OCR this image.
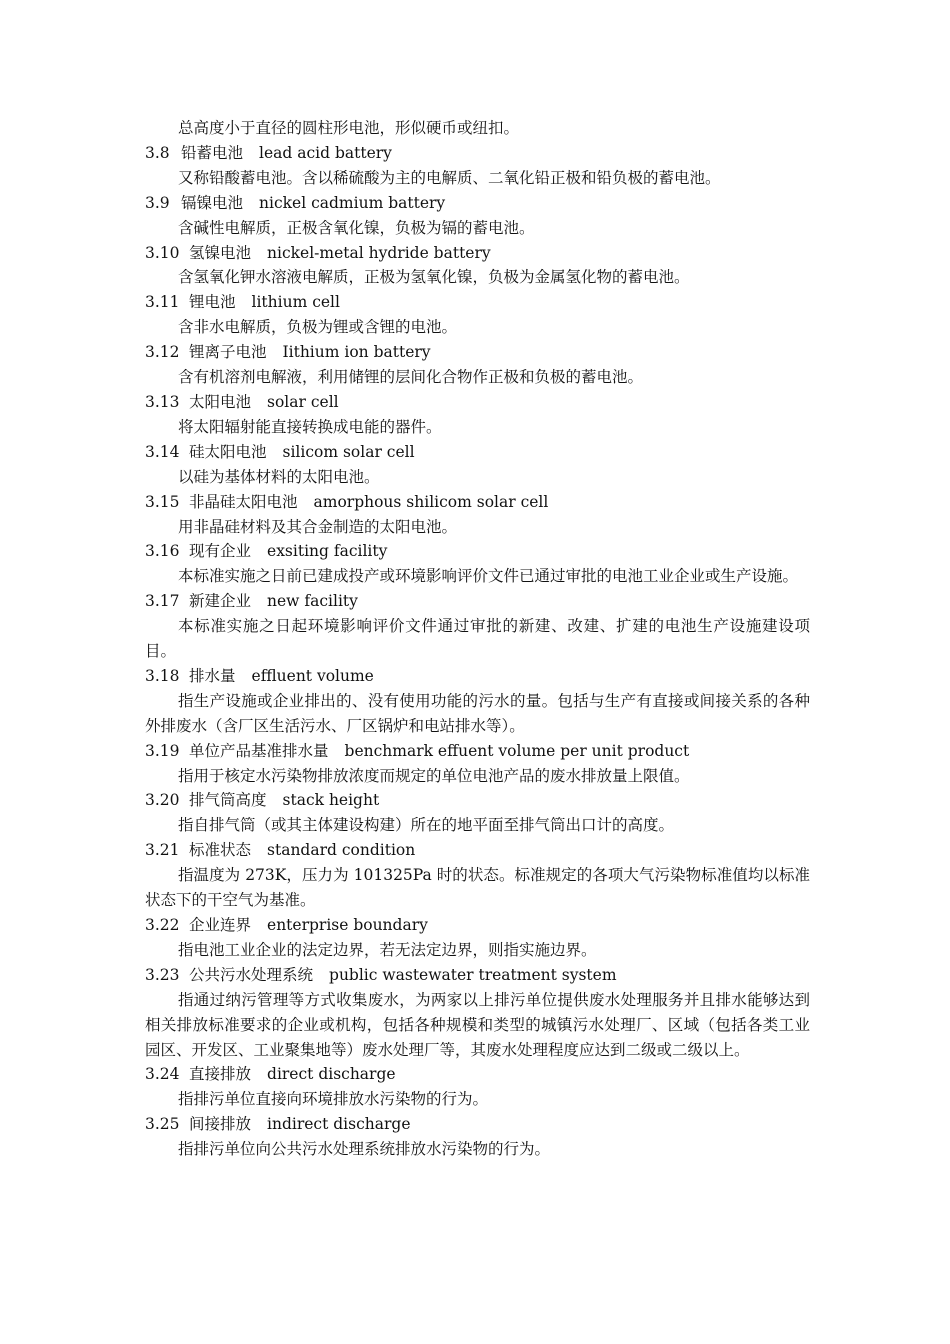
总高度小于直径的圆柱形电池，形似硬币或纽扣。
3.8 铅蓄电池 lead acid battery
又称铅酸蓄电池。含以稀硫酸为主的电解质、二氧化铅正极和铅负极的蓄电池。
3.9 镉镍电池 nickel cadmium battery
含碱性电解质，正极含氧化镍，负极为镉的蓄电池。
3.10 氢镍电池 nickel-metal hydride battery
含氢氧化钾水溶液电解质，正极为氢氧化镍，负极为金属氢化物的蓄电池。
3.11 锂电池 lithium cell
含非水电解质，负极为锂或含锂的电池。
3.12 锂离子电池 Iithium ion battery
含有机溶剂电解液，利用储锂的层间化合物作正极和负极的蓄电池。
3.13 太阳电池 solar cell
将太阳辐射能直接转换成电能的器件。
3.14 硅太阳电池 silicom solar cell
以硅为基体材料的太阳电池。
3.15 非晶硅太阳电池 amorphous shilicom solar cell
用非晶硅材料及其合金制造的太阳电池。
3.16 现有企业 exsiting facility
本标准实施之日前已建成投产或环境影响评价文件已通过审批的电池工业企业或生产设施。
3.17 新建企业 new facility
本标准实施之日起环境影响评价文件通过审批的新建、改建、扩建的电池生产设施建设项目。
3.18 排水量 effluent volume
指生产设施或企业排出的、没有使用功能的污水的量。包括与生产有直接或间接关系的各种外排废水（含厂区生活污水、厂区锅炉和电站排水等）。
3.19 单位产品基准排水量 benchmark effuent volume per unit product
指用于核定水污染物排放浓度而规定的单位电池产品的废水排放量上限值。
3.20 排气筒高度 stack height
指自排气筒（或其主体建设构建）所在的地平面至排气筒出口计的高度。
3.21 标准状态 standard condition
指温度为 273K，压力为 101325Pa 时的状态。标准规定的各项大气污染物标准值均以标准状态下的干空气为基准。
3.22 企业连界 enterprise boundary
指电池工业企业的法定边界，若无法定边界，则指实施边界。
3.23 公共污水处理系统 public wastewater treatment system
指通过纳污管理等方式收集废水，为两家以上排污单位提供废水处理服务并且排水能够达到相关排放标准要求的企业或机构，包括各种规模和类型的城镇污水处理厂、区域（包括各类工业园区、开发区、工业聚集地等）废水处理厂等，其废水处理程度应达到二级或二级以上。
3.24 直接排放 direct discharge
指排污单位直接向环境排放水污染物的行为。
3.25 间接排放 indirect discharge
指排污单位向公共污水处理系统排放水污染物的行为。
